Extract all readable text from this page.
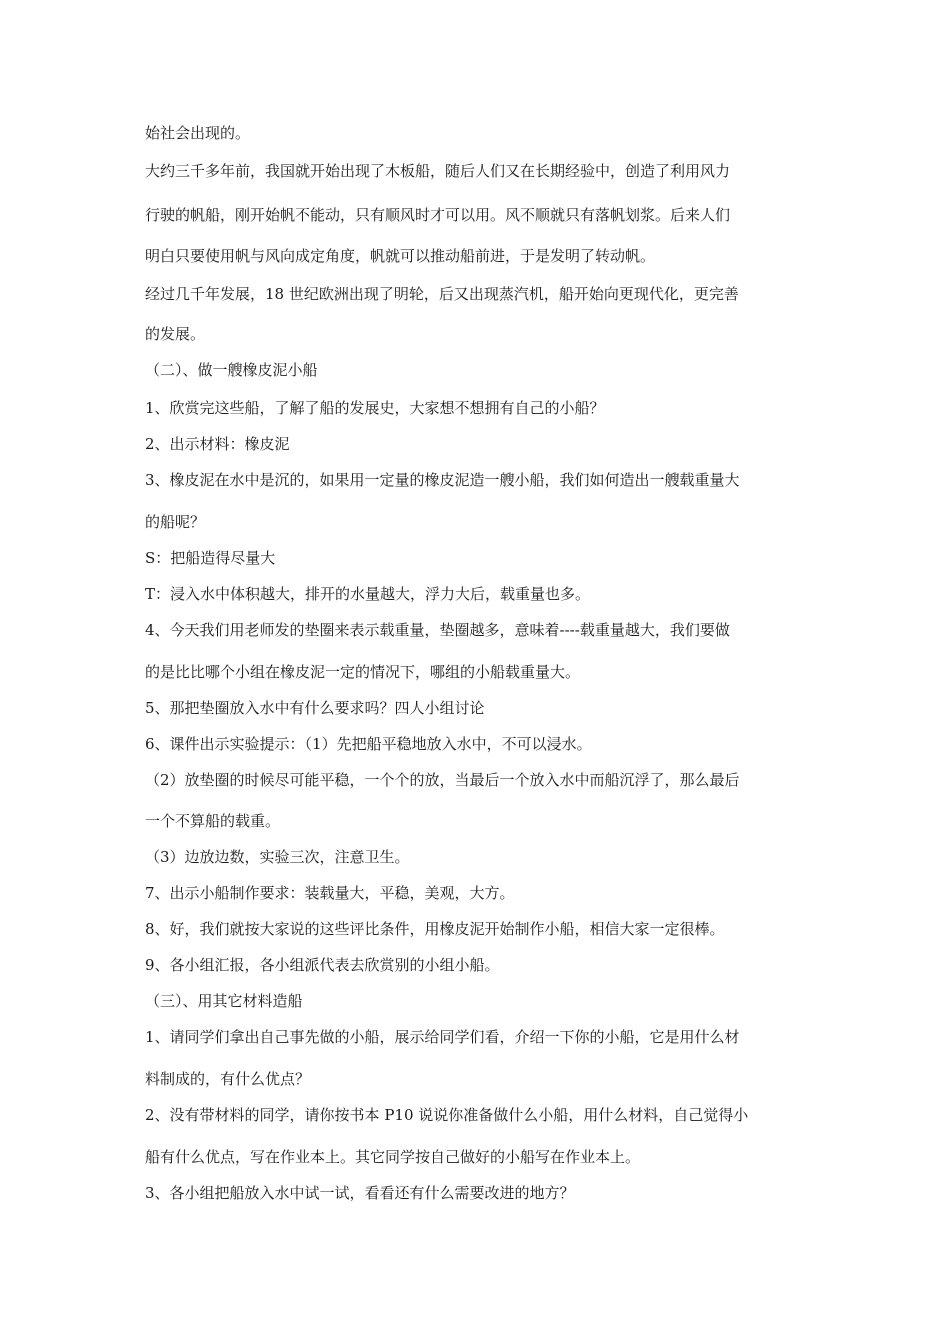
始社会出现的。
大约三千多年前，我国就开始出现了木板船，随后人们又在长期经验中，创造了利用风力
行驶的帆船，刚开始帆不能动，只有顺风时才可以用。风不顺就只有落帆划浆。后来人们
明白只要使用帆与风向成定角度，帆就可以推动船前进，于是发明了转动帆。
经过几千年发展，18 世纪欧洲出现了明轮，后又出现蒸汽机，船开始向更现代化，更完善
的发展。
（二）、做一艘橡皮泥小船
1、欣赏完这些船，了解了船的发展史，大家想不想拥有自己的小船？
2、出示材料：橡皮泥
3、橡皮泥在水中是沉的，如果用一定量的橡皮泥造一艘小船，我们如何造出一艘载重量大
的船呢？
S：把船造得尽量大
T：浸入水中体积越大，排开的水量越大，浮力大后，载重量也多。
4、今天我们用老师发的垫圈来表示载重量，垫圈越多，意味着----载重量越大，我们要做
的是比比哪个小组在橡皮泥一定的情况下，哪组的小船载重量大。
5、那把垫圈放入水中有什么要求吗？四人小组讨论
6、课件出示实验提示：（1）先把船平稳地放入水中，不可以浸水。
（2）放垫圈的时候尽可能平稳，一个个的放，当最后一个放入水中而船沉浮了，那么最后
一个不算船的载重。
（3）边放边数，实验三次，注意卫生。
7、出示小船制作要求：装载量大，平稳，美观，大方。
8、好，我们就按大家说的这些评比条件，用橡皮泥开始制作小船，相信大家一定很棒。
9、各小组汇报，各小组派代表去欣赏别的小组小船。
（三）、用其它材料造船
1、请同学们拿出自己事先做的小船，展示给同学们看，介绍一下你的小船，它是用什么材
料制成的，有什么优点？
2、没有带材料的同学，请你按书本 P10 说说你准备做什么小船，用什么材料，自己觉得小
船有什么优点，写在作业本上。其它同学按自己做好的小船写在作业本上。
3、各小组把船放入水中试一试，看看还有什么需要改进的地方？
